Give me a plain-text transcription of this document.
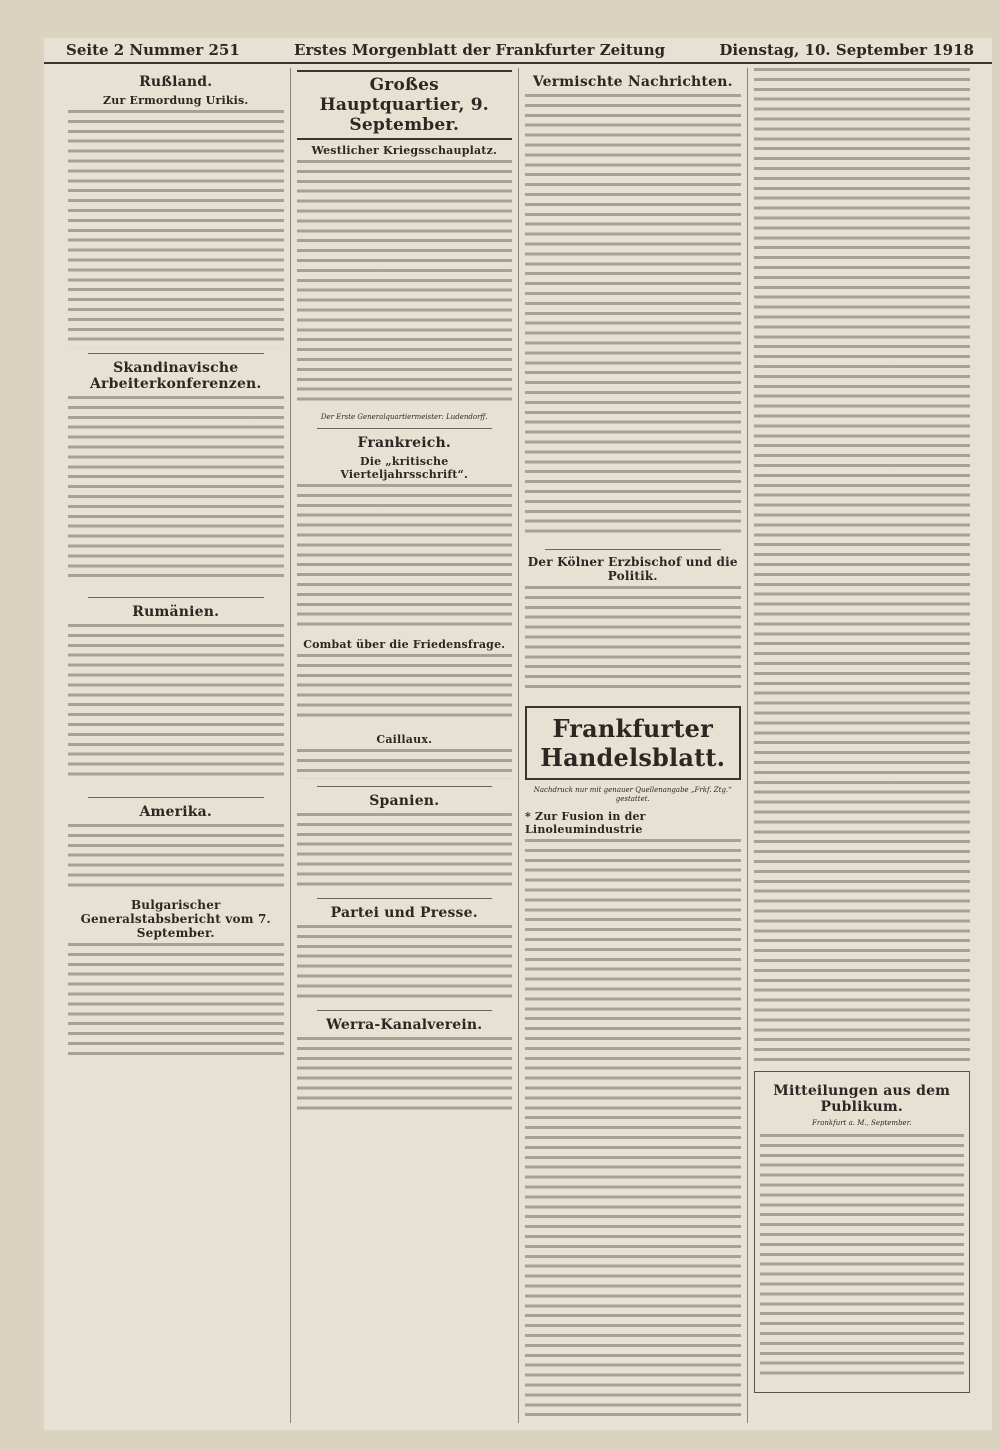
Seite 2 Nummer 251	Erstes Morgenblatt der Frankfurter Zeitung	Dienstag, 10. September 1918
Rußland.
Zur Ermordung Urikis.
Skandinavische Arbeiterkonferenzen.
Rumänien.
Amerika.
Bulgarischer Generalstabsbericht vom 7. September.
Großes Hauptquartier, 9. September.
Westlicher Kriegsschauplatz.
Der Erste Generalquartiermeister: Ludendorff.
Frankreich.
Die „kritische Vierteljahrsschrift“.
Combat über die Friedensfrage.
Caillaux.
Spanien.
Partei und Presse.
Werra-Kanalverein.
Vermischte Nachrichten.
Der Kölner Erzbischof und die Politik.
Frankfurter Handelsblatt.
Nachdruck nur mit genauer Quellenangabe „Frkf. Ztg.“ gestattet.
* Zur Fusion in der Linoleumindustrie
Mitteilungen aus dem Publikum.
Frankfurt a. M., September.
